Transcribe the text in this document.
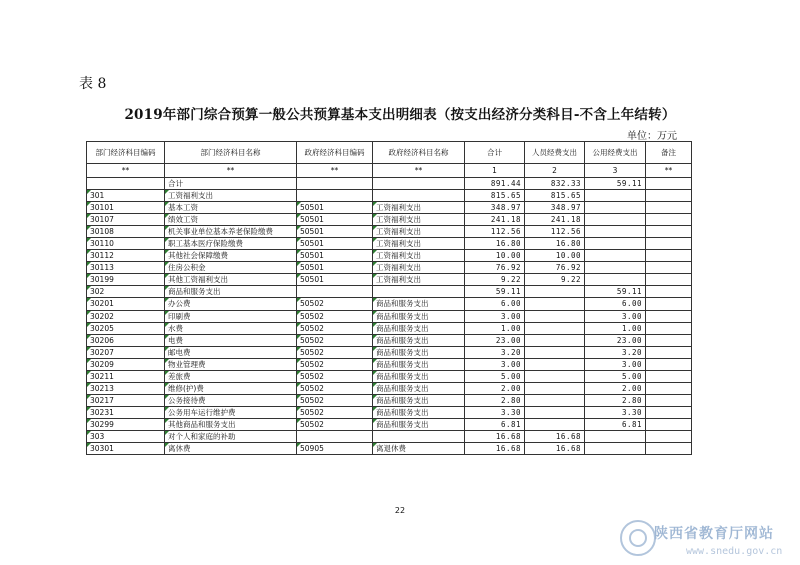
表 8
2019年部门综合预算一般公共预算基本支出明细表（按支出经济分类科目-不含上年结转）
单位：万元
部门经济科目编码	部门经济科目名称	政府经济科目编码	政府经济科目名称	合计	人员经费支出	公用经费支出	备注
**	**	**	**	1	2	3	**
	合计			891.44	832.33	59.11	
301	工资福利支出			815.65	815.65		
30101	基本工资	50501	工资福利支出	348.97	348.97		
30107	绩效工资	50501	工资福利支出	241.18	241.18		
30108	机关事业单位基本养老保险缴费	50501	工资福利支出	112.56	112.56		
30110	职工基本医疗保险缴费	50501	工资福利支出	16.80	16.80		
30112	其他社会保障缴费	50501	工资福利支出	10.00	10.00		
30113	住房公积金	50501	工资福利支出	76.92	76.92		
30199	其他工资福利支出	50501	工资福利支出	9.22	9.22		
302	商品和服务支出			59.11		59.11	
30201	办公费	50502	商品和服务支出	6.00		6.00	
30202	印刷费	50502	商品和服务支出	3.00		3.00	
30205	水费	50502	商品和服务支出	1.00		1.00	
30206	电费	50502	商品和服务支出	23.00		23.00	
30207	邮电费	50502	商品和服务支出	3.20		3.20	
30209	物业管理费	50502	商品和服务支出	3.00		3.00	
30211	差旅费	50502	商品和服务支出	5.00		5.00	
30213	维修(护)费	50502	商品和服务支出	2.00		2.00	
30217	公务接待费	50502	商品和服务支出	2.80		2.80	
30231	公务用车运行维护费	50502	商品和服务支出	3.30		3.30	
30299	其他商品和服务支出	50502	商品和服务支出	6.81		6.81	
303	对个人和家庭的补助			16.68	16.68		
30301	离休费	50905	离退休费	16.68	16.68		
22
陕西省教育厅网站
www.snedu.gov.cn
